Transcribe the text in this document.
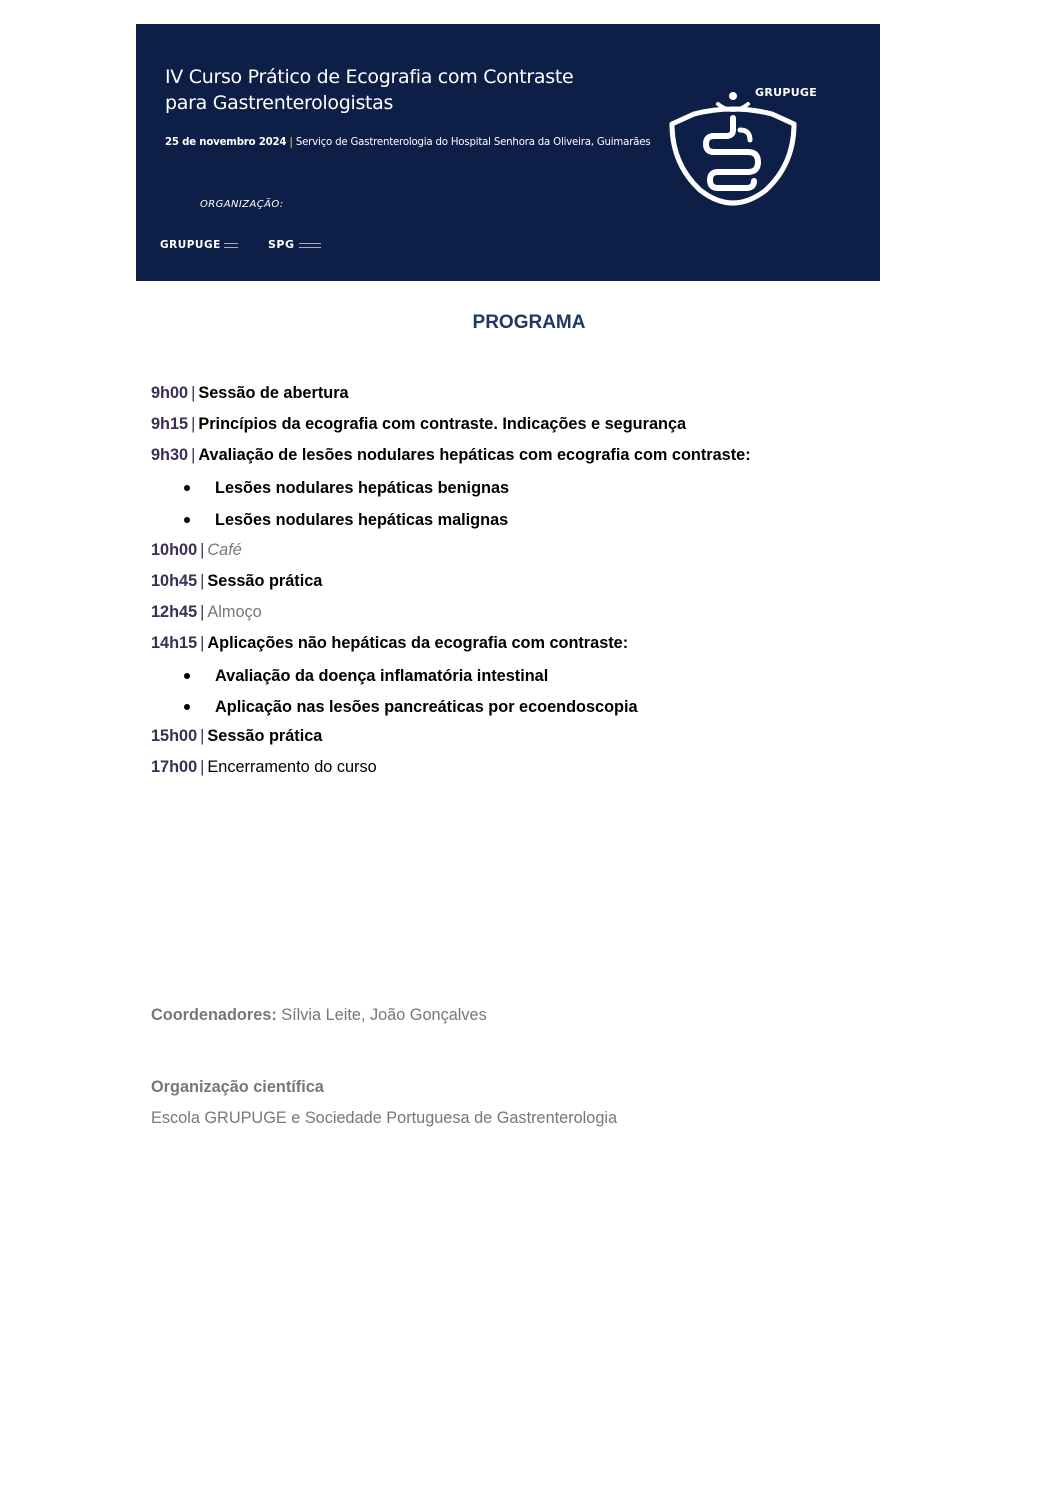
IV Curso Prático de Ecografia com Contraste
para Gastrenterologistas
25 de novembro 2024 | Serviço de Gastrenterologia do Hospital Senhora da Oliveira, Guimarães
ORGANIZAÇÃO:
GRUPUGE	SPG
GRUPUGE
PROGRAMA
9h00 | Sessão de abertura
9h15 | Princípios da ecografia com contraste. Indicações e segurança
9h30 | Avaliação de lesões nodulares hepáticas com ecografia com contraste:
Lesões nodulares hepáticas benignas
Lesões nodulares hepáticas malignas
10h00 | Café
10h45 | Sessão prática
12h45 | Almoço
14h15 | Aplicações não hepáticas da ecografia com contraste:
Avaliação da doença inflamatória intestinal
Aplicação nas lesões pancreáticas por ecoendoscopia
15h00 | Sessão prática
17h00 | Encerramento do curso
Coordenadores: Sílvia Leite, João Gonçalves
Organização científica
Escola GRUPUGE e Sociedade Portuguesa de Gastrenterologia
